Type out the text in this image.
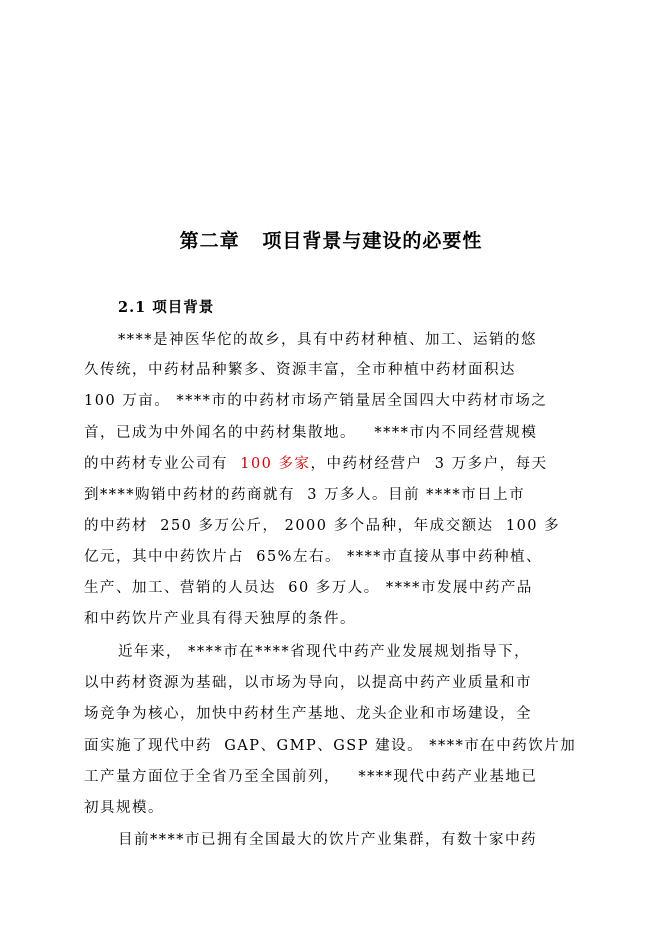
第二章   项目背景与建设的必要性
2.1 项目背景
****是神医华佗的故乡，具有中药材种植、加工、运销的悠
久传统，中药材品种繁多、资源丰富，全市种植中药材面积达
100 万亩。 ****市的中药材市场产销量居全国四大中药材市场之
首，已成为中外闻名的中药材集散地。   ****市内不同经营规模
的中药材专业公司有  100 多家，中药材经营户  3 万多户，每天
到****购销中药材的药商就有  3 万多人。目前 ****市日上市
的中药材  250 多万公斤， 2000 多个品种，年成交额达  100 多
亿元，其中中药饮片占  65%左右。 ****市直接从事中药种植、
生产、加工、营销的人员达  60 多万人。 ****市发展中药产品
和中药饮片产业具有得天独厚的条件。
近年来， ****市在****省现代中药产业发展规划指导下，
以中药材资源为基础，以市场为导向，以提高中药产业质量和市
场竞争为核心，加快中药材生产基地、龙头企业和市场建设，全
面实施了现代中药  GAP、GMP、GSP 建设。 ****市在中药饮片加
工产量方面位于全省乃至全国前列，   ****现代中药产业基地已
初具规模。
目前****市已拥有全国最大的饮片产业集群，有数十家中药
